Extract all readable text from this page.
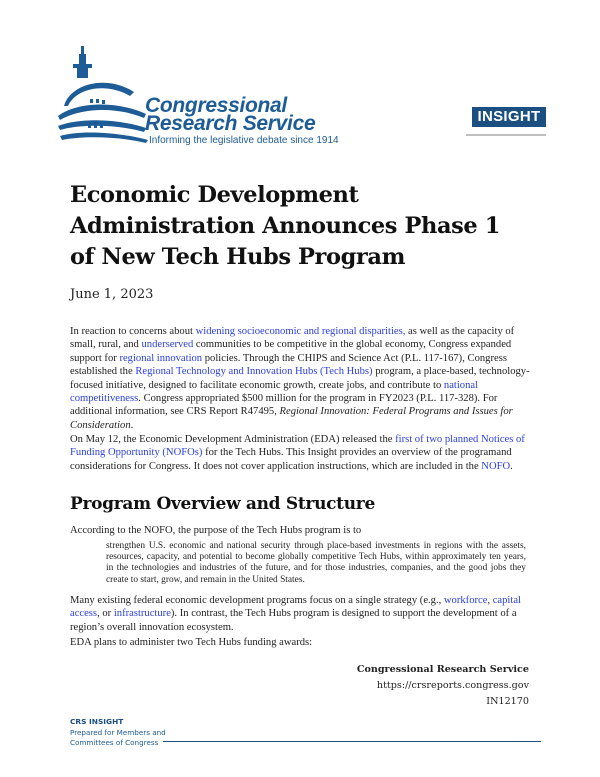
Congressional
Research Service
Informing the legislative debate since 1914
INSIGHT
Economic Development Administration Announces Phase 1 of New Tech Hubs Program
June 1, 2023

In reaction to concerns about widening socioeconomic and regional disparities, as well as the capacity of small, rural, and underserved communities to be competitive in the global economy, Congress expanded support for regional innovation policies. Through the CHIPS and Science Act (P.L. 117-167), Congress established the Regional Technology and Innovation Hubs (Tech Hubs) program, a place-based, technology-focused initiative, designed to facilitate economic growth, create jobs, and contribute to national competitiveness. Congress appropriated $500 million for the program in FY2023 (P.L. 117-328). For additional information, see CRS Report R47495, Regional Innovation: Federal Programs and Issues for Consideration.

On May 12, the Economic Development Administration (EDA) released the first of two planned Notices of Funding Opportunity (NOFOs) for the Tech Hubs. This Insight provides an overview of the programand considerations for Congress. It does not cover application instructions, which are included in the NOFO.

Program Overview and Structure
According to the NOFO, the purpose of the Tech Hubs program is to
strengthen U.S. economic and national security through place-based investments in regions with the assets, resources, capacity, and potential to become globally competitive Tech Hubs, within approximately ten years, in the technologies and industries of the future, and for those industries, companies, and the good jobs they create to start, grow, and remain in the United States.

Many existing federal economic development programs focus on a single strategy (e.g., workforce, capital access, or infrastructure). In contrast, the Tech Hubs program is designed to support the development of a region’s overall innovation ecosystem.

EDA plans to administer two Tech Hubs funding awards:
Congressional Research Service
https://crsreports.congress.gov
IN12170
CRS INSIGHT
Prepared for Members and
Committees of Congress
